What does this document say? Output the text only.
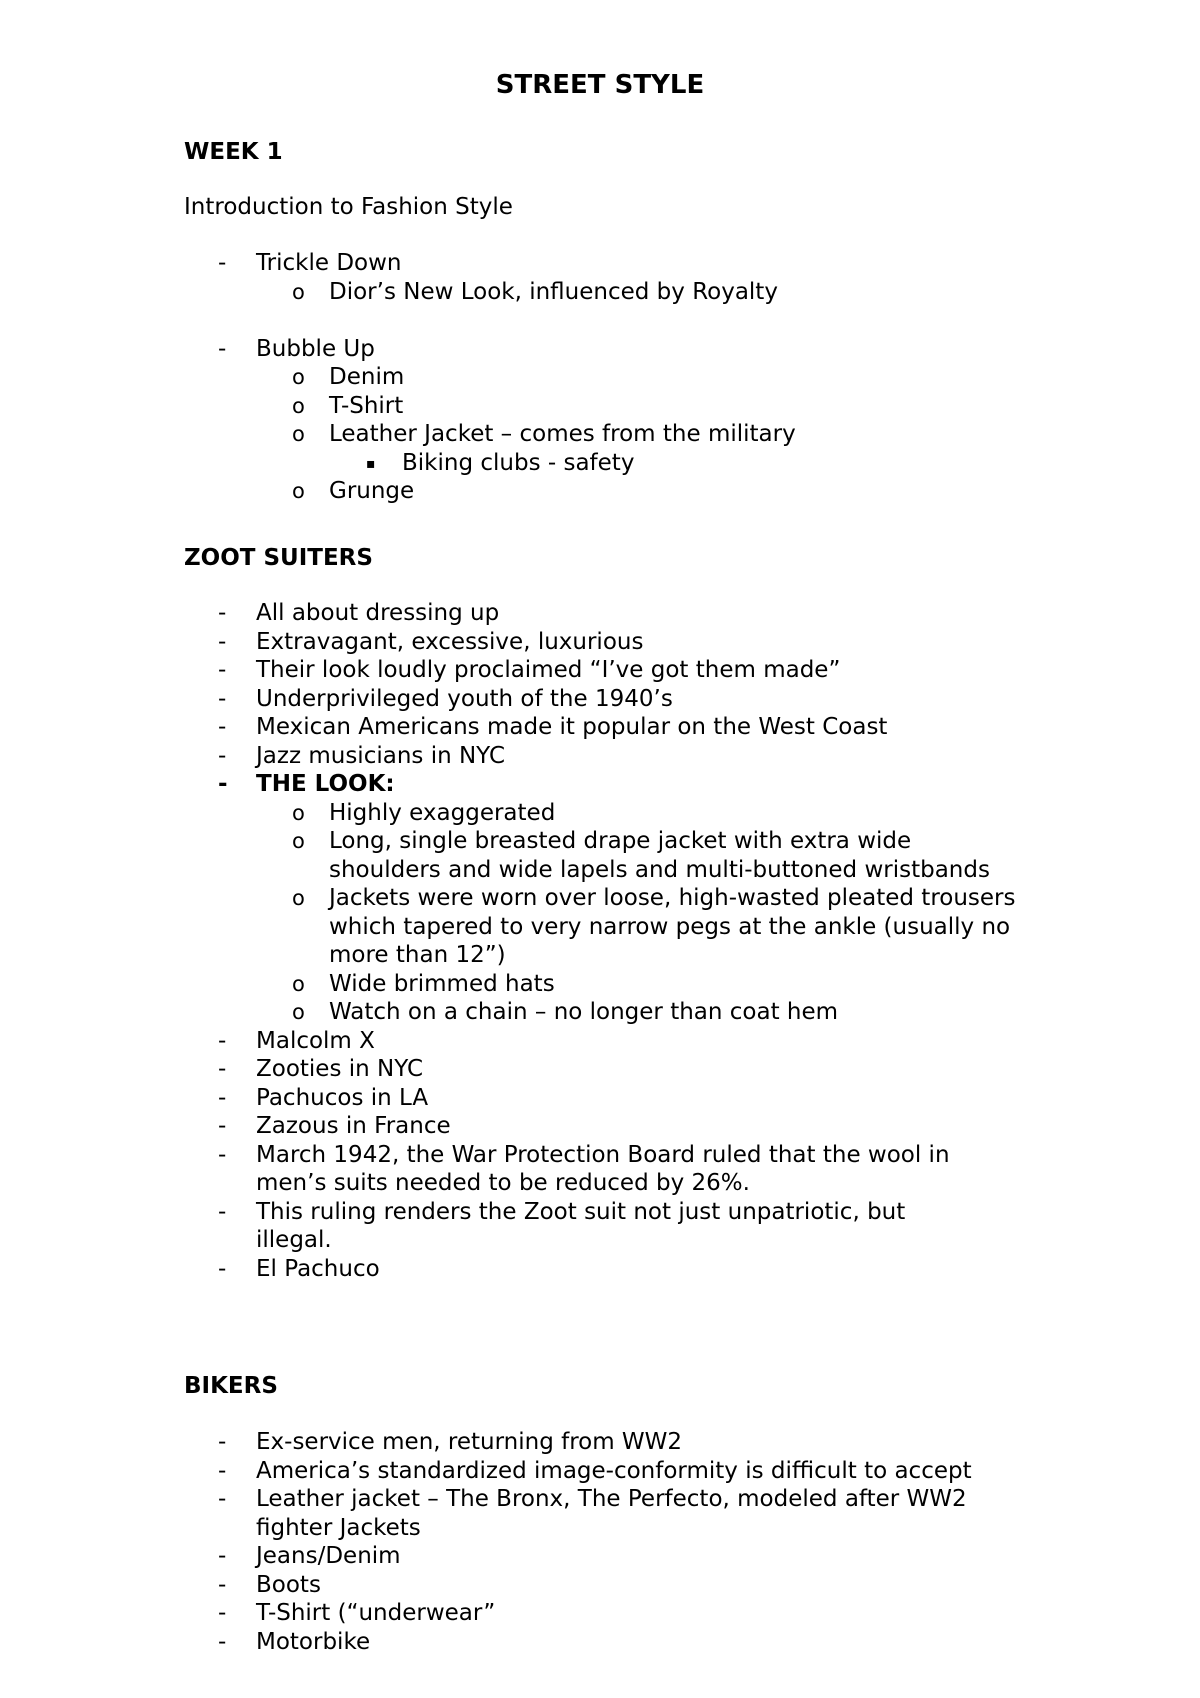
STREET STYLE
WEEK 1
Introduction to Fashion Style
- Trickle Down
o Dior’s New Look, influenced by Royalty
- Bubble Up
o Denim
o T-Shirt
o Leather Jacket – comes from the military
▪ Biking clubs - safety
o Grunge
ZOOT SUITERS
- All about dressing up
- Extravagant, excessive, luxurious
- Their look loudly proclaimed “I’ve got them made”
- Underprivileged youth of the 1940’s
- Mexican Americans made it popular on the West Coast
- Jazz musicians in NYC
- THE LOOK:
o Highly exaggerated
o Long, single breasted drape jacket with extra wide shoulders and wide lapels and multi-buttoned wristbands
o Jackets were worn over loose, high-wasted pleated trousers which tapered to very narrow pegs at the ankle (usually no more than 12”)
o Wide brimmed hats
o Watch on a chain – no longer than coat hem
- Malcolm X
- Zooties in NYC
- Pachucos in LA
- Zazous in France
- March 1942, the War Protection Board ruled that the wool in men’s suits needed to be reduced by 26%.
- This ruling renders the Zoot suit not just unpatriotic, but illegal.
- El Pachuco
BIKERS
- Ex-service men, returning from WW2
- America’s standardized image-conformity is difficult to accept
- Leather jacket – The Bronx, The Perfecto, modeled after WW2 fighter Jackets
- Jeans/Denim
- Boots
- T-Shirt (“underwear”
- Motorbike
